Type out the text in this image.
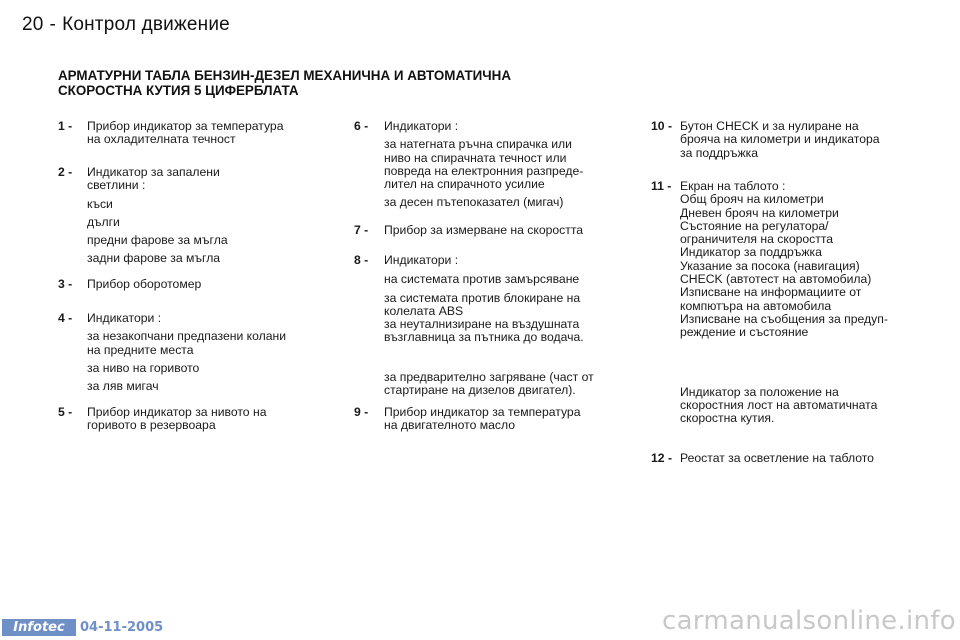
20 - Контрол движение
АРМАТУРНИ ТАБЛА БЕНЗИН-ДЕЗЕЛ МЕХАНИЧНА И АВТОМАТИЧНА
СКОРОСТНА КУТИЯ 5 ЦИФЕРБЛАТА
1 - Прибор индикатор за температура
на охладителната течност
2 - Индикатор за запалени
светлини :
къси
дълги
предни фарове за мъгла
задни фарове за мъгла
3 - Прибор оборотомер
4 - Индикатори :
за незакопчани предпазени колани
на предните места
за ниво на горивото
за ляв мигач
5 - Прибор индикатор за нивото на
горивото в резервоара
6 - Индикатори :
за натегнатa ръчна спирачка или
ниво на спирачната течност или
повреда на електронния разпреде-
лител на спирачното усилие
за десен пътепоказател (мигач)
7 - Прибор за измерване на скоростта
8 - Индикатори :
на системата против замърсяване
за системата против блокиране на
колелата ABS
за неуталнизиране на въздушната
възглавница за пътника до водача.
за предварително загряване (част от
стартиране на дизелов двигател).
9 - Прибор индикатор за температура
на двигателното масло
10 - Бутон CHECK и за нулиране на
брояча на километри и индикатора
за поддръжка
11 - Екран на таблото :
Общ брояч на километри
Дневен брояч на километри
Състояние на регулатора/
ограничителя на скоростта
Индикатор за поддръжка
Указание за посока (навигация)
CHECK (автотест на автомобила)
Изписване на информациите от
компютъра на автомобила
Изписване на съобщения за предуп-
реждение и състояние
Индикатор за положение на
скоростния лост на автоматичната
скоростна кутия.
12 - Реостат за осветление на таблото
Infotec	04-11-2005	carmanualsonline.info
